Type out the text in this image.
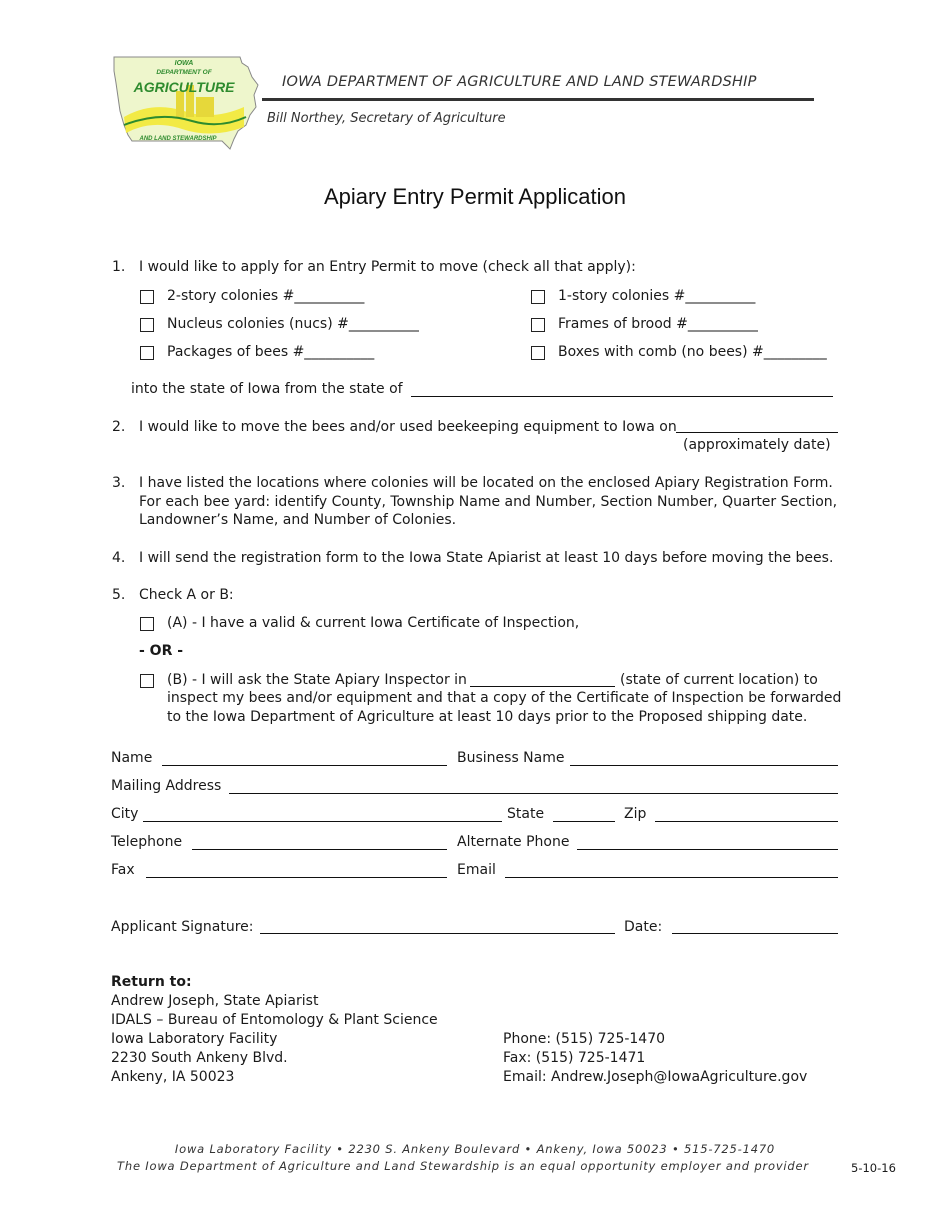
IOWA
DEPARTMENT OF
AGRICULTURE
AND LAND STEWARDSHIP
IOWA DEPARTMENT OF AGRICULTURE AND LAND STEWARDSHIP
Bill Northey, Secretary of Agriculture
Apiary Entry Permit Application
1. I would like to apply for an Entry Permit to move (check all that apply):
2-story colonies #__________	1-story colonies #__________
Nucleus colonies (nucs) #__________	Frames of brood #__________
Packages of bees #__________	Boxes with comb (no bees) #_________
into the state of Iowa from the state of
2. I would like to move the bees and/or used beekeeping equipment to Iowa on
(approximately date)
3. I have listed the locations where colonies will be located on the enclosed Apiary Registration Form.
For each bee yard: identify County, Township Name and Number, Section Number, Quarter Section,
Landowner’s Name, and Number of Colonies.
4. I will send the registration form to the Iowa State Apiarist at least 10 days before moving the bees.
5. Check A or B:
(A) - I have a valid & current Iowa Certificate of Inspection,
- OR -
(B) - I will ask the State Apiary Inspector in	(state of current location) to
inspect my bees and/or equipment and that a copy of the Certificate of Inspection be forwarded
to the Iowa Department of Agriculture at least 10 days prior to the Proposed shipping date.
Name	Business Name
Mailing Address
City	State	Zip
Telephone	Alternate Phone
Fax	Email
Applicant Signature:	Date:
Return to:
Andrew Joseph, State Apiarist
IDALS – Bureau of Entomology & Plant Science
Iowa Laboratory Facility
2230 South Ankeny Blvd.
Ankeny, IA 50023
Phone: (515) 725-1470
Fax: (515) 725-1471
Email: Andrew.Joseph@IowaAgriculture.gov
Iowa Laboratory Facility • 2230 S. Ankeny Boulevard • Ankeny, Iowa 50023 • 515-725-1470
The Iowa Department of Agriculture and Land Stewardship is an equal opportunity employer and provider	5-10-16
